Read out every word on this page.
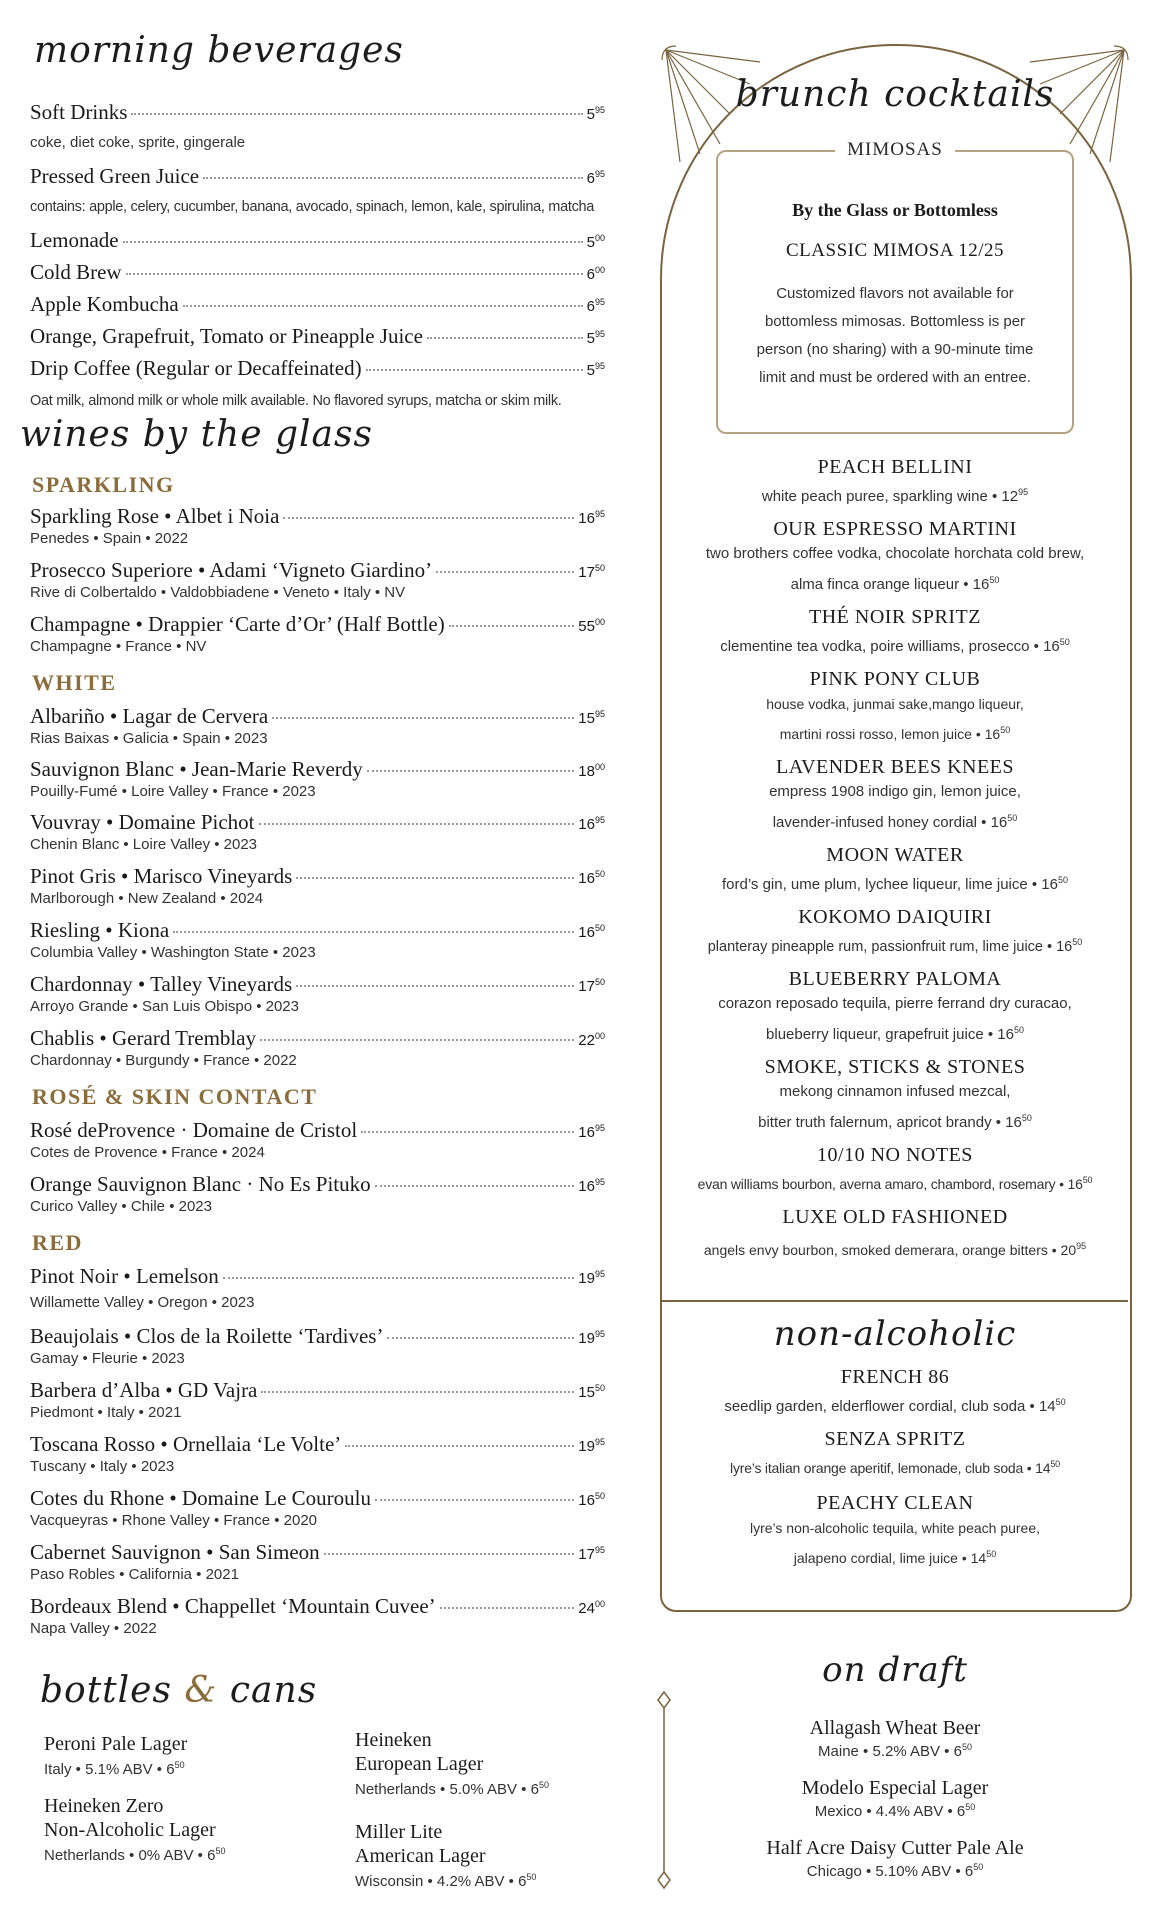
morning beverages
Soft Drinks	$5^{95}$
coke, diet coke, sprite, gingerale
Pressed Green Juice	$6^{95}$
contains: apple, celery, cucumber, banana, avocado, spinach, lemon, kale, spirulina, matcha
Lemonade	$5^{00}$
Cold Brew	$6^{00}$
Apple Kombucha	$6^{95}$
Orange, Grapefruit, Tomato or Pineapple Juice	$5^{95}$
Drip Coffee (Regular or Decaffeinated)	$5^{95}$
Oat milk, almond milk or whole milk available. No flavored syrups, matcha or skim milk.
wines by the glass
SPARKLING
Sparkling Rose • Albet i Noia	$16^{95}$
Penedes • Spain • 2022
Prosecco Superiore • Adami ‘Vigneto Giardino’	$17^{50}$
Rive di Colbertaldo • Valdobbiadene • Veneto • Italy • NV
Champagne • Drappier ‘Carte d’Or’ (Half Bottle)	$55^{00}$
Champagne • France • NV
WHITE
Albariño • Lagar de Cervera	$15^{95}$
Rias Baixas • Galicia • Spain • 2023
Sauvignon Blanc • Jean-Marie Reverdy	$18^{00}$
Pouilly-Fumé • Loire Valley • France • 2023
Vouvray • Domaine Pichot	$16^{95}$
Chenin Blanc • Loire Valley • 2023
Pinot Gris • Marisco Vineyards	$16^{50}$
Marlborough • New Zealand • 2024
Riesling • Kiona	$16^{50}$
Columbia Valley • Washington State • 2023
Chardonnay • Talley Vineyards	$17^{50}$
Arroyo Grande • San Luis Obispo • 2023
Chablis • Gerard Tremblay	$22^{00}$
Chardonnay • Burgundy • France • 2022
ROSÉ & SKIN CONTACT
Rosé deProvence · Domaine de Cristol	$16^{95}$
Cotes de Provence • France • 2024
Orange Sauvignon Blanc · No Es Pituko	$16^{95}$
Curico Valley • Chile • 2023
RED
Pinot Noir • Lemelson	$19^{95}$
Willamette Valley • Oregon • 2023
Beaujolais • Clos de la Roilette ‘Tardives’	$19^{95}$
Gamay • Fleurie • 2023
Barbera d’Alba • GD Vajra	$15^{50}$
Piedmont • Italy • 2021
Toscana Rosso • Ornellaia ‘Le Volte’	$19^{95}$
Tuscany • Italy • 2023
Cotes du Rhone • Domaine Le Couroulu	$16^{50}$
Vacqueyras • Rhone Valley • France • 2020
Cabernet Sauvignon • San Simeon	$17^{95}$
Paso Robles • California • 2021
Bordeaux Blend • Chappellet ‘Mountain Cuvee’	$24^{00}$
Napa Valley • 2022
bottles & cans
Peroni Pale Lager
Italy • 5.1% ABV • $6^{50}$
Heineken Zero
Non-Alcoholic Lager
Netherlands • 0% ABV • $6^{50}$
Heineken
European Lager
Netherlands • 5.0% ABV • $6^{50}$
Miller Lite
American Lager
Wisconsin • 4.2% ABV • $6^{50}$
brunch cocktails
MIMOSAS
By the Glass or Bottomless
CLASSIC MIMOSA 12/25
Customized flavors not available for
bottomless mimosas. Bottomless is per
person (no sharing) with a 90-minute time
limit and must be ordered with an entree.
PEACH BELLINI
white peach puree, sparkling wine • $12^{95}$
OUR ESPRESSO MARTINI
two brothers coffee vodka, chocolate horchata cold brew,
alma finca orange liqueur • $16^{50}$
THÉ NOIR SPRITZ
clementine tea vodka, poire williams, prosecco • $16^{50}$
PINK PONY CLUB
house vodka, junmai sake,mango liqueur,
martini rossi rosso, lemon juice • $16^{50}$
LAVENDER BEES KNEES
empress 1908 indigo gin, lemon juice,
lavender-infused honey cordial • $16^{50}$
MOON WATER
ford’s gin, ume plum, lychee liqueur, lime juice • $16^{50}$
KOKOMO DAIQUIRI
planteray pineapple rum, passionfruit rum, lime juice • $16^{50}$
BLUEBERRY PALOMA
corazon reposado tequila, pierre ferrand dry curacao,
blueberry liqueur, grapefruit juice • $16^{50}$
SMOKE, STICKS & STONES
mekong cinnamon infused mezcal,
bitter truth falernum, apricot brandy • $16^{50}$
10/10 NO NOTES
evan williams bourbon, averna amaro, chambord, rosemary • $16^{50}$
LUXE OLD FASHIONED
angels envy bourbon, smoked demerara, orange bitters • $20^{95}$
non-alcoholic
FRENCH 86
seedlip garden, elderflower cordial, club soda • $14^{50}$
SENZA SPRITZ
lyre’s italian orange aperitif, lemonade, club soda • $14^{50}$
PEACHY CLEAN
lyre’s non-alcoholic tequila, white peach puree,
jalapeno cordial, lime juice • $14^{50}$
on draft
Allagash Wheat Beer
Maine • 5.2% ABV • $6^{50}$
Modelo Especial Lager
Mexico • 4.4% ABV • $6^{50}$
Half Acre Daisy Cutter Pale Ale
Chicago • 5.10% ABV • $6^{50}$
